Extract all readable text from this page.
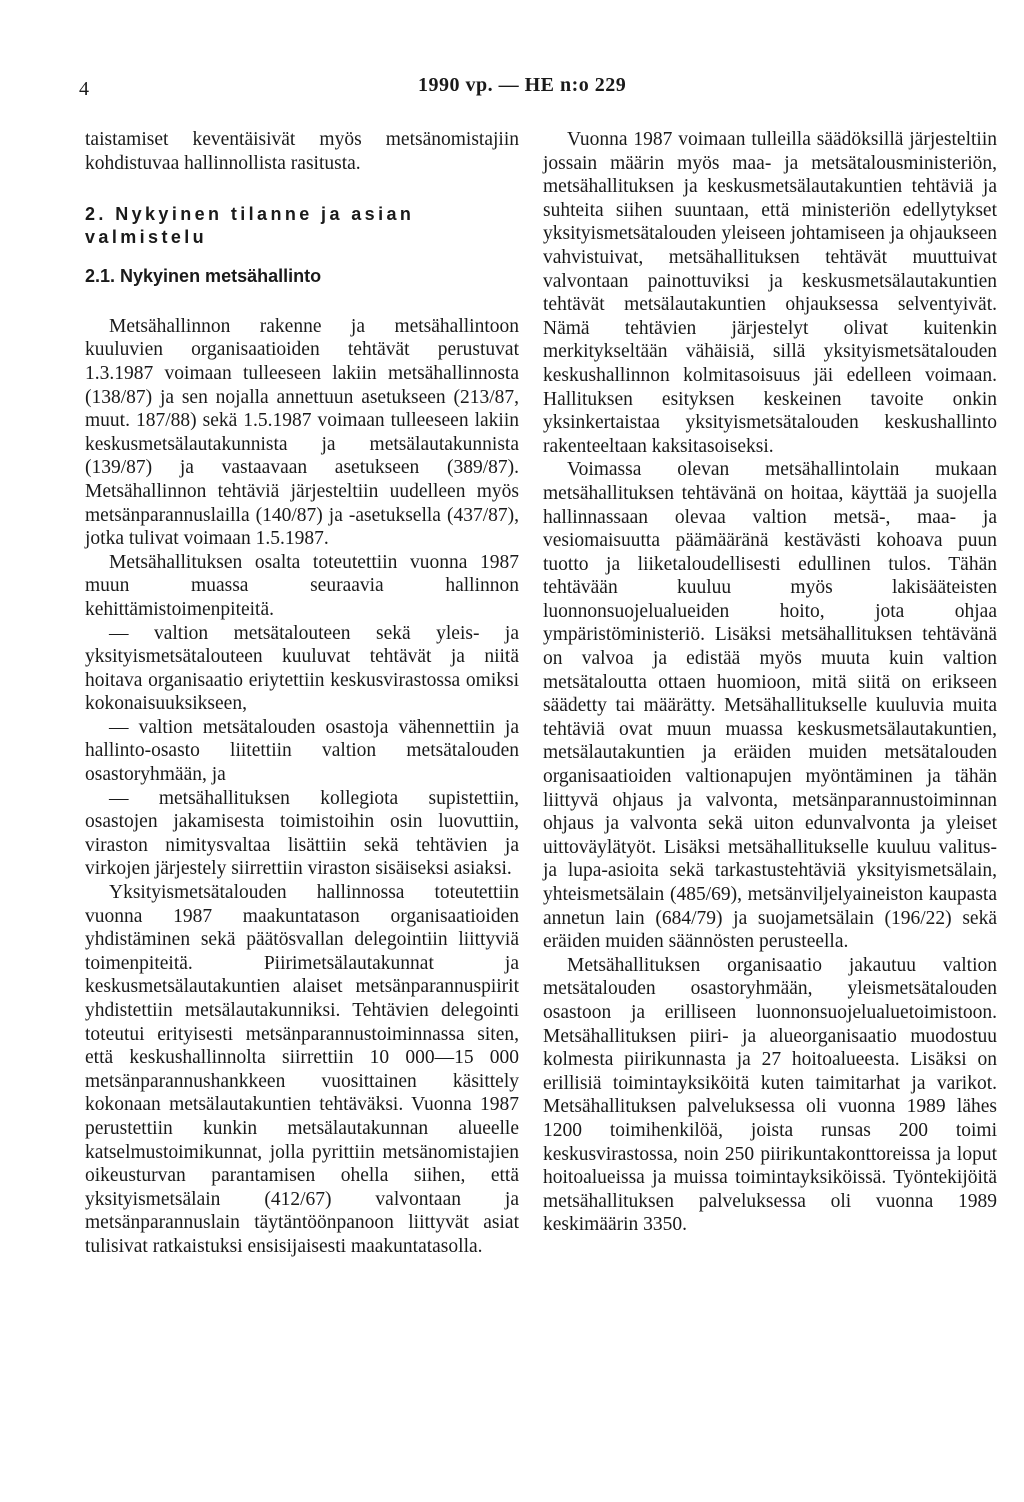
4	1990 vp. — HE n:o 229

taistamiset keventäisivät myös metsänomistajiin kohdistuvaa hallinnollista rasitusta.

2. Nykyinen tilanne ja asian valmistelu

2.1. Nykyinen metsähallinto

Metsähallinnon rakenne ja metsähallintoon kuuluvien organisaatioiden tehtävät perustuvat 1.3.1987 voimaan tulleeseen lakiin metsähallinnosta (138/87) ja sen nojalla annettuun asetukseen (213/87, muut. 187/88) sekä 1.5.1987 voimaan tulleeseen lakiin keskusmetsälautakunnista ja metsälautakunnista (139/87) ja vastaavaan asetukseen (389/87). Metsähallinnon tehtäviä järjesteltiin uudelleen myös metsänparannuslailla (140/87) ja -asetuksella (437/87), jotka tulivat voimaan 1.5.1987.

Metsähallituksen osalta toteutettiin vuonna 1987 muun muassa seuraavia hallinnon kehittämistoimenpiteitä.

— valtion metsätalouteen sekä yleis- ja yksityismetsätalouteen kuuluvat tehtävät ja niitä hoitava organisaatio eriytettiin keskusvirastossa omiksi kokonaisuuksikseen,

— valtion metsätalouden osastoja vähennettiin ja hallinto-osasto liitettiin valtion metsätalouden osastoryhmään, ja

— metsähallituksen kollegiota supistettiin, osastojen jakamisesta toimistoihin osin luovuttiin, viraston nimitysvaltaa lisättiin sekä tehtävien ja virkojen järjestely siirrettiin viraston sisäiseksi asiaksi.

Yksityismetsätalouden hallinnossa toteutettiin vuonna 1987 maakuntatason organisaatioiden yhdistäminen sekä päätösvallan delegointiin liittyviä toimenpiteitä. Piirimetsälautakunnat ja keskusmetsälautakuntien alaiset metsänparannuspiirit yhdistettiin metsälautakunniksi. Tehtävien delegointi toteutui erityisesti metsänparannustoiminnassa siten, että keskushallinnolta siirrettiin 10 000—15 000 metsänparannushankkeen vuosittainen käsittely kokonaan metsälautakuntien tehtäväksi. Vuonna 1987 perustettiin kunkin metsälautakunnan alueelle katselmustoimikunnat, jolla pyrittiin metsänomistajien oikeusturvan parantamisen ohella siihen, että yksityismetsälain (412/67) valvontaan ja metsänparannuslain täytäntöönpanoon liittyvät asiat tulisivat ratkaistuksi ensisijaisesti maakuntatasolla.

Vuonna 1987 voimaan tulleilla säädöksillä järjesteltiin jossain määrin myös maa- ja metsätalousministeriön, metsähallituksen ja keskusmetsälautakuntien tehtäviä ja suhteita siihen suuntaan, että ministeriön edellytykset yksityismetsätalouden yleiseen johtamiseen ja ohjaukseen vahvistuivat, metsähallituksen tehtävät muuttuivat valvontaan painottuviksi ja keskusmetsälautakuntien tehtävät metsälautakuntien ohjauksessa selventyivät. Nämä tehtävien järjestelyt olivat kuitenkin merkitykseltään vähäisiä, sillä yksityismetsätalouden keskushallinnon kolmitasoisuus jäi edelleen voimaan. Hallituksen esityksen keskeinen tavoite onkin yksinkertaistaa yksityismetsätalouden keskushallinto rakenteeltaan kaksitasoiseksi.

Voimassa olevan metsähallintolain mukaan metsähallituksen tehtävänä on hoitaa, käyttää ja suojella hallinnassaan olevaa valtion metsä-, maa- ja vesiomaisuutta päämääränä kestävästi kohoava puun tuotto ja liiketaloudellisesti edullinen tulos. Tähän tehtävään kuuluu myös lakisääteisten luonnonsuojelualueiden hoito, jota ohjaa ympäristöministeriö. Lisäksi metsähallituksen tehtävänä on valvoa ja edistää myös muuta kuin valtion metsätaloutta ottaen huomioon, mitä siitä on erikseen säädetty tai määrätty. Metsähallitukselle kuuluvia muita tehtäviä ovat muun muassa keskusmetsälautakuntien, metsälautakuntien ja eräiden muiden metsätalouden organisaatioiden valtionapujen myöntäminen ja tähän liittyvä ohjaus ja valvonta, metsänparannustoiminnan ohjaus ja valvonta sekä uiton edunvalvonta ja yleiset uittoväylätyöt. Lisäksi metsähallitukselle kuuluu valitus- ja lupa-asioita sekä tarkastustehtäviä yksityismetsälain, yhteismetsälain (485/69), metsänviljelyaineiston kaupasta annetun lain (684/79) ja suojametsälain (196/22) sekä eräiden muiden säännösten perusteella.

Metsähallituksen organisaatio jakautuu valtion metsätalouden osastoryhmään, yleismetsätalouden osastoon ja erilliseen luonnonsuojelualuetoimistoon. Metsähallituksen piiri- ja alueorganisaatio muodostuu kolmesta piirikunnasta ja 27 hoitoalueesta. Lisäksi on erillisiä toimintayksiköitä kuten taimitarhat ja varikot. Metsähallituksen palveluksessa oli vuonna 1989 lähes 1200 toimihenkilöä, joista runsas 200 toimi keskusvirastossa, noin 250 piirikuntakonttoreissa ja loput hoitoalueissa ja muissa toimintayksiköissä. Työntekijöitä metsähallituksen palveluksessa oli vuonna 1989 keskimäärin 3350.
